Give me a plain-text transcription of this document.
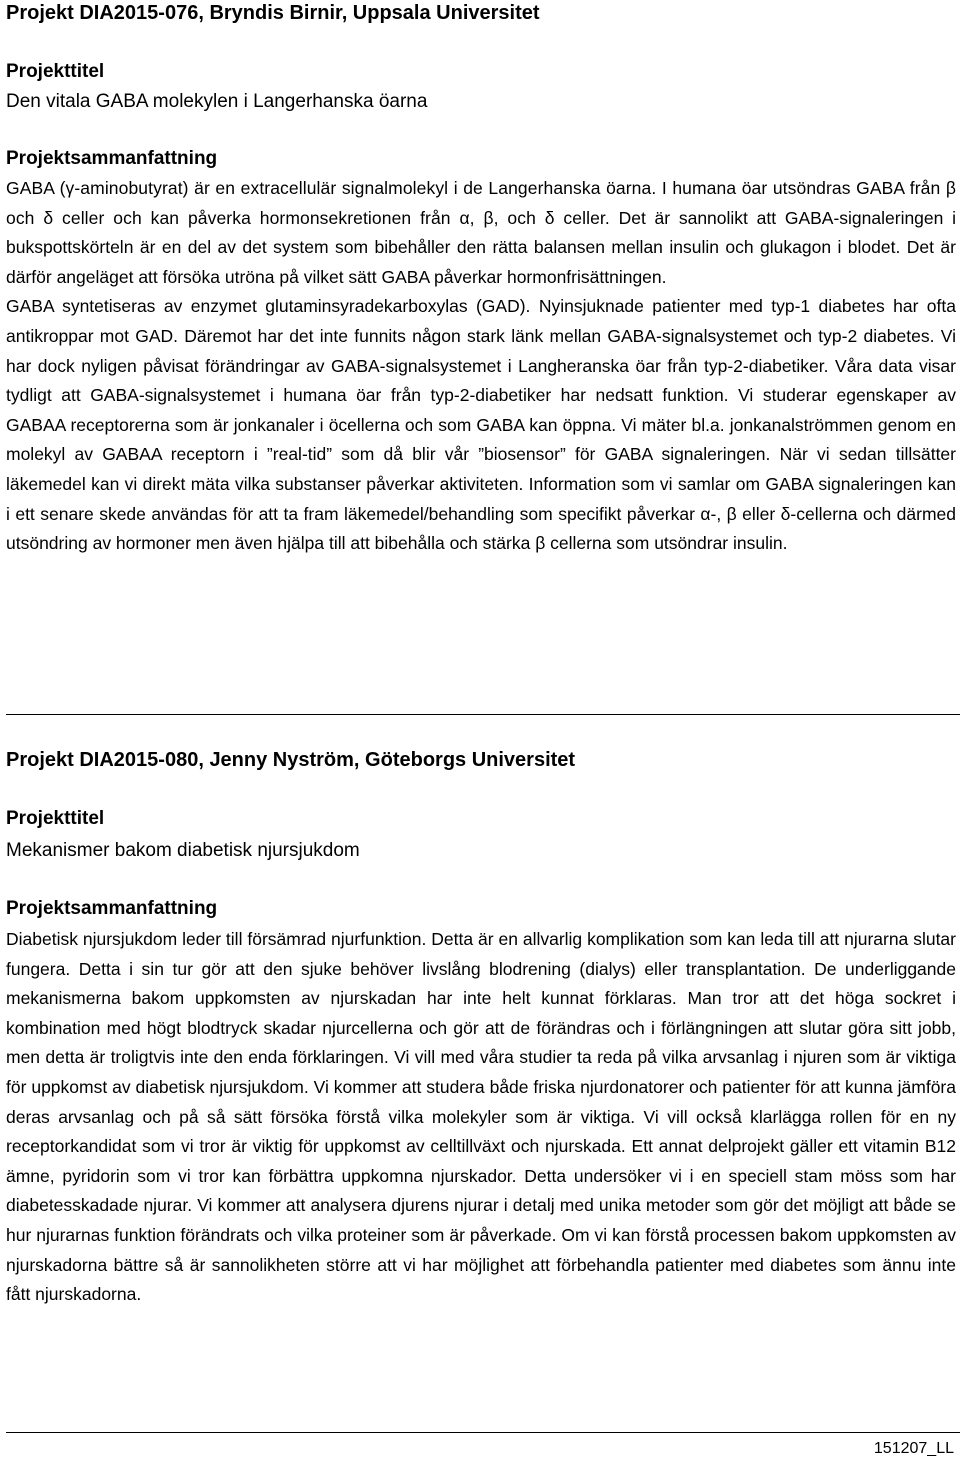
Projekt DIA2015-076, Bryndis Birnir, Uppsala Universitet

Projekttitel

Den vitala GABA molekylen i Langerhanska öarna

Projektsammanfattning

GABA (γ-aminobutyrat) är en extracellulär signalmolekyl i de Langerhanska öarna. I humana öar utsöndras GABA från β och δ celler och kan påverka hormonsekretionen från α, β, och δ celler. Det är sannolikt att GABA-signaleringen i bukspottskörteln är en del av det system som bibehåller den rätta balansen mellan insulin och glukagon i blodet. Det är därför angeläget att försöka utröna på vilket sätt GABA påverkar hormonfrisättningen.
GABA syntetiseras av enzymet glutaminsyradekarboxylas (GAD). Nyinsjuknade patienter med typ-1 diabetes har ofta antikroppar mot GAD. Däremot har det inte funnits någon stark länk mellan GABA-signalsystemet och typ-2 diabetes. Vi har dock nyligen påvisat förändringar av GABA-signalsystemet i Langheranska öar från typ-2-diabetiker. Våra data visar tydligt att GABA-signalsystemet i humana öar från typ-2-diabetiker har nedsatt funktion. Vi studerar egenskaper av GABAA receptorerna som är jonkanaler i öcellerna och som GABA kan öppna. Vi mäter bl.a. jonkanalströmmen genom en molekyl av GABAA receptorn i ”real-tid” som då blir vår ”biosensor” för GABA signaleringen. När vi sedan tillsätter läkemedel kan vi direkt mäta vilka substanser påverkar aktiviteten. Information som vi samlar om GABA signaleringen kan i ett senare skede användas för att ta fram läkemedel/behandling som specifikt påverkar α-, β eller δ-cellerna och därmed utsöndring av hormoner men även hjälpa till att bibehålla och stärka β cellerna som utsöndrar insulin.

Projekt DIA2015-080, Jenny Nyström, Göteborgs Universitet

Projekttitel

Mekanismer bakom diabetisk njursjukdom

Projektsammanfattning

Diabetisk njursjukdom leder till försämrad njurfunktion. Detta är en allvarlig komplikation som kan leda till att njurarna slutar fungera. Detta i sin tur gör att den sjuke behöver livslång blodrening (dialys) eller transplantation. De underliggande mekanismerna bakom uppkomsten av njurskadan har inte helt kunnat förklaras. Man tror att det höga sockret i kombination med högt blodtryck skadar njurcellerna och gör att de förändras och i förlängningen att slutar göra sitt jobb, men detta är troligtvis inte den enda förklaringen. Vi vill med våra studier ta reda på vilka arvsanlag i njuren som är viktiga för uppkomst av diabetisk njursjukdom. Vi kommer att studera både friska njurdonatorer och patienter för att kunna jämföra deras arvsanlag och på så sätt försöka förstå vilka molekyler som är viktiga. Vi vill också klarlägga rollen för en ny receptorkandidat som vi tror är viktig för uppkomst av celltillväxt och njurskada. Ett annat delprojekt gäller ett vitamin B12 ämne, pyridorin som vi tror kan förbättra uppkomna njurskador. Detta undersöker vi i en speciell stam möss som har diabetesskadade njurar. Vi kommer att analysera djurens njurar i detalj med unika metoder som gör det möjligt att både se hur njurarnas funktion förändrats och vilka proteiner som är påverkade. Om vi kan förstå processen bakom uppkomsten av njurskadorna bättre så är sannolikheten större att vi har möjlighet att förbehandla patienter med diabetes som ännu inte fått njurskadorna.

151207_LL
